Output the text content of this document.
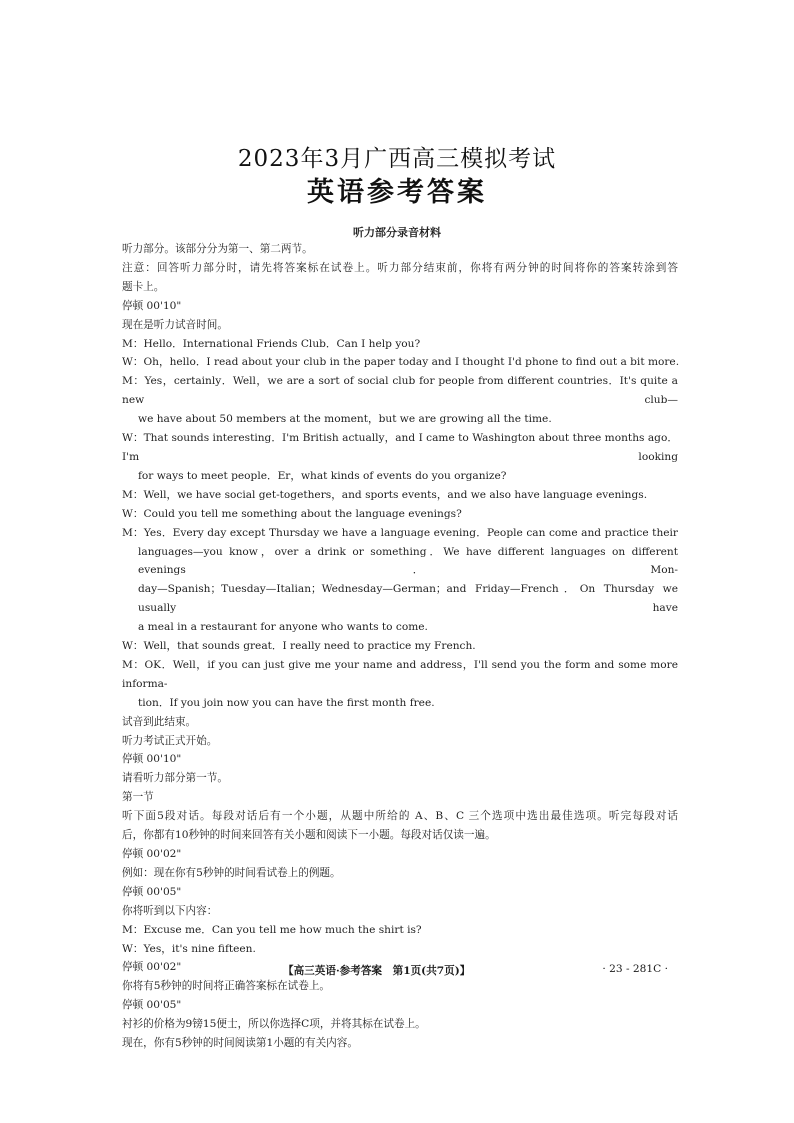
2023年3月广西高三模拟考试
英语参考答案
听力部分录音材料
听力部分。该部分分为第一、第二两节。
注意：回答听力部分时，请先将答案标在试卷上。听力部分结束前，你将有两分钟的时间将你的答案转涂到答
题卡上。
停顿 00'10"
现在是听力试音时间。
M：Hello．International Friends Club．Can I help you?
W：Oh，hello．I read about your club in the paper today and I thought I'd phone to find out a bit more.
M：Yes，certainly．Well，we are a sort of social club for people from different countries．It's quite a new club—
we have about 50 members at the moment，but we are growing all the time.
W：That sounds interesting．I'm British actually，and I came to Washington about three months ago．I'm looking
for ways to meet people．Er，what kinds of events do you organize?
M：Well，we have social get-togethers，and sports events，and we also have language evenings.
W：Could you tell me something about the language evenings?
M：Yes．Every day except Thursday we have a language evening．People can come and practice their
languages—you know，over a drink or something．We have different languages on different evenings．Mon-
day—Spanish；Tuesday—Italian；Wednesday—German；and Friday—French．On Thursday we usually have
a meal in a restaurant for anyone who wants to come.
W：Well，that sounds great．I really need to practice my French.
M：OK．Well，if you can just give me your name and address，I'll send you the form and some more informa-
tion．If you join now you can have the first month free.
试音到此结束。
听力考试正式开始。
停顿 00'10"
请看听力部分第一节。
第一节
听下面5段对话。每段对话后有一个小题，从题中所给的 A、B、C 三个选项中选出最佳选项。听完每段对话
后，你都有10秒钟的时间来回答有关小题和阅读下一小题。每段对话仅读一遍。
停顿 00'02"
例如：现在你有5秒钟的时间看试卷上的例题。
停顿 00'05"
你将听到以下内容：
M：Excuse me．Can you tell me how much the shirt is?
W：Yes，it's nine fifteen.
停顿 00'02"
你将有5秒钟的时间将正确答案标在试卷上。
停顿 00'05"
衬衫的价格为9镑15便士，所以你选择C项，并将其标在试卷上。
现在，你有5秒钟的时间阅读第1小题的有关内容。
【高三英语·参考答案　第1页(共7页)】	· 23 - 281C ·
